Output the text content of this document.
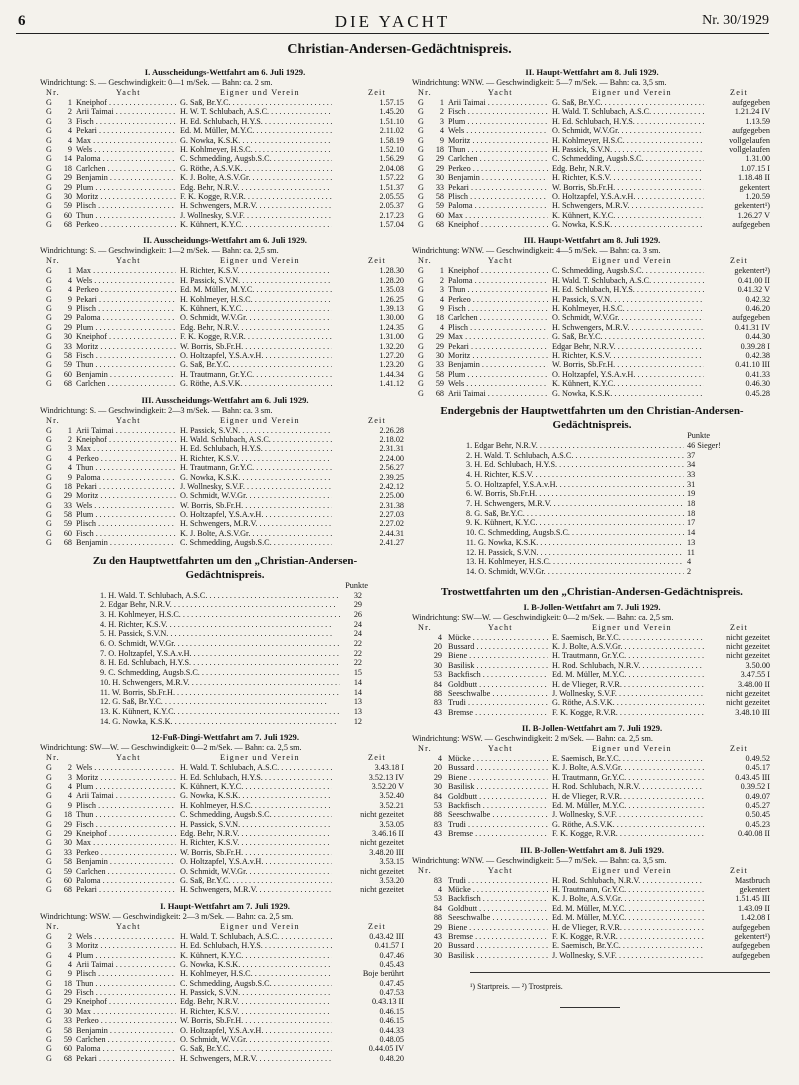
6	DIE YACHT	Nr. 30/1929
Christian-Andersen-Gedächtnispreis.
I. Ausscheidungs-Wettfahrt am 6. Juli 1929.
Windrichtung: S. — Geschwindigkeit: 0—1 m/Sek. — Bahn: ca. 2 sm.
Nr.	Yacht	Eigner und Verein	Zeit
G	1 Kneiphof . . .	G. Saß, Br.Y.C. . . .	1.57.15
G	2 Arii Taimai . . .	H. W. T. Schlubach, A.S.C. . . .	1.45.20
G	3 Fisch . . .	H. Ed. Schlubach, H.Y.S. . . .	1.51.10
G	4 Pekari . . .	Ed. M. Müller, M.Y.C. . . .	2.11.02
G	4 Max . . .	G. Nowka, K.S.K. . . .	1.58.19
G	9 Wels . . .	H. Kohlmeyer, H.S.C. . . .	1.52.10
G	14 Paloma . . .	C. Schmedding, Augsb.S.C. . . .	1.56.29
G	18 Carlchen . . .	G. Röthe, A.S.V.K. . . .	2.04.08
G	29 Benjamin . . .	K. J. Bolte, A.S.V.Gr. . . .	1.57.22
G	29 Plum . . .	Edg. Behr, N.R.V. . . .	1.51.37
G	30 Moritz . . .	F. K. Kogge, R.V.R. . . .	2.05.55
G	59 Plisch . . .	H. Schwengers, M.R.V. . . .	2.05.37
G	60 Thun . . .	J. Wollnesky, S.V.F. . . .	2.17.23
G	68 Perkeo . . .	K. Kühnert, K.Y.C. . . .	1.57.04
II. Ausscheidungs-Wettfahrt am 6. Juli 1929.
Windrichtung: S. — Geschwindigkeit: 1—2 m/Sek. — Bahn: ca. 2,5 sm.
Nr.	Yacht	Eigner und Verein	Zeit
G	1 Max . . .	H. Richter, K.S.V. . . .	1.28.30
G	4 Wels . . .	H. Passick, S.V.N. . . .	1.28.20
G	4 Perkeo . . .	Ed. M. Müller, M.Y.C. . . .	1.35.03
G	9 Pekari . . .	H. Kohlmeyer, H.S.C. . . .	1.26.25
G	9 Plisch . . .	K. Kühnert, K.Y.C. . . .	1.39.13
G	29 Paloma . . .	O. Schmidt, W.V.Gr. . . .	1.30.00
G	29 Plum . . .	Edg. Behr, N.R.V. . . .	1.24.35
G	30 Kneiphof . . .	F. K. Kogge, R.V.R. . . .	1.31.00
G	33 Moritz . . .	W. Borris, Sb.Fr.H. . . .	1.32.20
G	58 Fisch . . .	O. Holtzapfel, Y.S.A.v.H. . . .	1.27.20
G	59 Thun . . .	G. Saß, Br.Y.C. . . .	1.23.20
G	60 Benjamin . . .	H. Trautmann, Gr.Y.C. . . .	1.44.34
G	68 Carlchen . . .	G. Röthe, A.S.V.K. . . .	1.41.12
III. Ausscheidungs-Wettfahrt am 6. Juli 1929.
Windrichtung: S. — Geschwindigkeit: 2—3 m/Sek. — Bahn: ca. 3 sm.
Nr.	Yacht	Eigner und Verein	Zeit
G	1 Arii Taimai . . .	H. Passick, S.V.N. . . .	2.26.28
G	2 Kneiphof . . .	H. Wald. Schlubach, A.S.C. . . .	2.18.02
G	3 Max . . .	H. Ed. Schlubach, H.Y.S. . . .	2.31.31
G	4 Perkeo . . .	H. Richter, K.S.V. . . .	2.24.00
G	4 Thun . . .	H. Trautmann, Gr.Y.C. . . .	2.56.27
G	9 Paloma . . .	G. Nowka, K.S.K. . . .	2.39.25
G	18 Pekari . . .	J. Wollnesky, S.V.F. . . .	2.42.12
G	29 Moritz . . .	O. Schmidt, W.V.Gr. . . .	2.25.00
G	33 Wels . . .	W. Borris, Sb.Fr.H. . . .	2.31.38
G	58 Plum . . .	O. Holtzapfel, Y.S.A.v.H. . . .	2.27.03
G	59 Plisch . . .	H. Schwengers, M.R.V. . . .	2.27.02
G	60 Fisch . . .	K. J. Bolte, A.S.V.Gr. . . .	2.44.31
G	68 Benjamin . . .	C. Schmedding, Augsb.S.C. . . .	2.41.27
Zu den Hauptwettfahrten um den „Christian-Andersen-
Gedächtnispreis.
Punkte
1. H. Wald. T. Schlubach, A.S.C. . . .	32
2. Edgar Behr, N.R.V. . . .	29
3. H. Kohlmeyer, H.S.C. . . .	26
4. H. Richter, K.S.V. . . .	24
5. H. Passick, S.V.N. . . .	24
6. O. Schmidt, W.V.Gr. . . .	22
7. O. Holtzapfel, Y.S.A.v.H. . . .	22
8. H. Ed. Schlubach, H.Y.S. . . .	22
9. C. Schmedding, Augsb.S.C. . . .	15
10. H. Schwengers, M.R.V. . . .	14
11. W. Borris, Sb.Fr.H. . . .	14
12. G. Saß, Br.Y.C. . . .	13
13. K. Kühnert, K.Y.C. . . .	13
14. G. Nowka, K.S.K. . . .	12
12-Fuß-Dingi-Wettfahrt am 7. Juli 1929.
Windrichtung: SW—W. — Geschwindigkeit: 0—2 m/Sek. — Bahn: ca. 2,5 sm.
Nr.	Yacht	Eigner und Verein	Zeit
G	2 Wels . . .	H. Wald. T. Schlubach, A.S.C. . . .	3.43.18 I
G	3 Moritz . . .	H. Ed. Schlubach, H.Y.S. . . .	3.52.13 IV
G	4 Plum . . .	K. Kühnert, K.Y.C. . . .	3.52.20 V
G	4 Arii Taimai . . .	G. Nowka, K.S.K. . . .	3.52.40
G	9 Plisch . . .	H. Kohlmeyer, H.S.C. . . .	3.52.21
G	18 Thun . . .	C. Schmedding, Augsb.S.C. . . .	nicht gezeitet
G	29 Fisch . . .	H. Passick, S.V.N. . . .	3.53.05
G	29 Kneiphof . . .	Edg. Behr, N.R.V. . . .	3.46.16 II
G	30 Max . . .	H. Richter, K.S.V. . . .	nicht gezeitet
G	33 Perkeo . . .	W. Borris, Sb.Fr.H. . . .	3.48.20 III
G	58 Benjamin . . .	O. Holtzapfel, Y.S.A.v.H. . . .	3.53.15
G	59 Carlchen . . .	O. Schmidt, W.V.Gr. . . .	nicht gezeitet
G	60 Paloma . . .	G. Saß, Br.Y.C. . . .	3.53.20
G	68 Pekari . . .	H. Schwengers, M.R.V. . . .	nicht gezeitet
I. Haupt-Wettfahrt am 7. Juli 1929.
Windrichtung: WSW. — Geschwindigkeit: 2—3 m/Sek. — Bahn: ca. 2,5 sm.
Nr.	Yacht	Eigner und Verein	Zeit
G	2 Wels . . .	H. Wald. T. Schlubach, A.S.C. . . .	0.43.42 III
G	3 Moritz . . .	H. Ed. Schlubach, H.Y.S. . . .	0.41.57 I
G	4 Plum . . .	K. Kühnert, K.Y.C. . . .	0.47.46
G	4 Arii Taimai . . .	G. Nowka, K.S.K. . . .	0.45.43
G	9 Plisch . . .	H. Kohlmeyer, H.S.C. . . .	Boje berührt
G	18 Thun . . .	C. Schmedding, Augsb.S.C. . . .	0.47.45
G	29 Fisch . . .	H. Passick, S.V.N. . . .	0.47.53
G	29 Kneiphof . . .	Edg. Behr, N.R.V. . . .	0.43.13 II
G	30 Max . . .	H. Richter, K.S.V. . . .	0.46.15
G	33 Perkeo . . .	W. Borris, Sb.Fr.H. . . .	0.46.15
G	58 Benjamin . . .	O. Holtzapfel, Y.S.A.v.H. . . .	0.44.33
G	59 Carlchen . . .	O. Schmidt, W.V.Gr. . . .	0.48.05
G	60 Paloma . . .	G. Saß, Br.Y.C. . . .	0.44.05 IV
G	68 Pekari . . .	H. Schwengers, M.R.V. . . .	0.48.20
II. Haupt-Wettfahrt am 8. Juli 1929.
Windrichtung: WNW. — Geschwindigkeit: 5—7 m/Sek. — Bahn: ca. 3,5 sm.
Nr.	Yacht	Eigner und Verein	Zeit
G	1 Arii Taimai . . .	G. Saß, Br.Y.C. . . .	aufgegeben
G	2 Fisch . . .	H. Wald. T. Schlubach, A.S.C. . . .	1.21.24 IV
G	3 Plum . . .	H. Ed. Schlubach, H.Y.S. . . .	1.13.59
G	4 Wels . . .	O. Schmidt, W.V.Gr. . . .	aufgegeben
G	9 Moritz . . .	H. Kohlmeyer, H.S.C. . . .	vollgelaufen
G	18 Thun . . .	H. Passick, S.V.N. . . .	vollgelaufen
G	29 Carlchen . . .	C. Schmedding, Augsb.S.C. . . .	1.31.00
G	29 Perkeo . . .	Edg. Behr, N.R.V. . . .	1.07.15 I
G	30 Benjamin . . .	H. Richter, K.S.V. . . .	1.18.48 II
G	33 Pekari . . .	W. Borris, Sb.Fr.H. . . .	gekentert
G	58 Plisch . . .	O. Holtzapfel, Y.S.A.v.H. . . .	1.20.59
G	59 Paloma . . .	H. Schwengers, M.R.V. . . .	gekentert¹)
G	60 Max . . .	K. Kühnert, K.Y.C. . . .	1.26.27 V
G	68 Kneiphof . . .	G. Nowka, K.S.K. . . .	aufgegeben
III. Haupt-Wettfahrt am 8. Juli 1929.
Windrichtung: WNW. — Geschwindigkeit: 4—5 m/Sek. — Bahn: ca. 3 sm.
Nr.	Yacht	Eigner und Verein	Zeit
G	1 Kneiphof . . .	C. Schmedding, Augsb.S.C. . . .	gekentert²)
G	2 Paloma . . .	H. Wald. T. Schlubach, A.S.C. . . .	0.41.00 II
G	3 Thun . . .	H. Ed. Schlubach, H.Y.S. . . .	0.41.32 V
G	4 Perkeo . . .	H. Passick, S.V.N. . . .	0.42.32
G	9 Fisch . . .	H. Kohlmeyer, H.S.C. . . .	0.46.20
G	18 Carlchen . . .	O. Schmidt, W.V.Gr. . . .	aufgegeben
G	4 Plisch . . .	H. Schwengers, M.R.V. . . .	0.41.31 IV
G	29 Max . . .	G. Saß, Br.Y.C. . . .	0.44.30
G	29 Pekari . . .	Edgar Behr, N.R.V. . . .	0.39.28 I
G	30 Moritz . . .	H. Richter, K.S.V. . . .	0.42.38
G	33 Benjamin . . .	W. Borris, Sb.Fr.H. . . .	0.41.10 III
G	58 Plum . . .	O. Holtzapfel, Y.S.A.v.H. . . .	0.41.33
G	59 Wels . . .	K. Kühnert, K.Y.C. . . .	0.46.30
G	68 Arii Taimai . . .	G. Nowka, K.S.K. . . .	0.45.28
Endergebnis der Hauptwettfahrten um den Christian-Andersen-
Gedächtnispreis.
Punkte
1. Edgar Behr, N.R.V. . . .	46 Sieger!
2. H. Wald. T. Schlubach, A.S.C. . . .	37
3. H. Ed. Schlubach, H.Y.S. . . .	34
4. H. Richter, K.S.V. . . .	33
5. O. Holtzapfel, Y.S.A.v.H. . . .	31
6. W. Borris, Sb.Fr.H. . . .	19
7. H. Schwengers, M.R.V. . . .	18
8. G. Saß, Br.Y.C. . . .	18
9. K. Kühnert, K.Y.C. . . .	17
10. C. Schmedding, Augsb.S.C. . . .	14
11. G. Nowka, K.S.K. . . .	13
12. H. Passick, S.V.N. . . .	11
13. H. Kohlmeyer, H.S.C. . . .	4
14. O. Schmidt, W.V.Gr. . . .	2
Trostwettfahrten um den „Christian-Andersen-Gedächtnispreis.
I. B-Jollen-Wettfahrt am 7. Juli 1929.
Windrichtung: SW—W. — Geschwindigkeit: 0—2 m/Sek. — Bahn: ca. 2,5 sm.
Nr.	Yacht	Eigner und Verein	Zeit
4 Mücke . . .	E. Saemisch, Br.Y.C. . . .	nicht gezeitet
20 Bussard . . .	K. J. Bolte, A.S.V.Gr. . . .	nicht gezeitet
29 Biene . . .	H. Trautmann, Gr.Y.C. . . .	nicht gezeitet
30 Basilisk . . .	H. Rod. Schlubach, N.R.V. . . .	3.50.00
53 Backfisch . . .	Ed. M. Müller, M.Y.C. . . .	3.47.55 I
84 Goldbutt . . .	H. de Vlieger, R.V.R. . . .	3.48.00 II
88 Seeschwalbe . . .	J. Wollnesky, S.V.F. . . .	nicht gezeitet
83 Trudi . . .	G. Röthe, A.S.V.K. . . .	nicht gezeitet
43 Bremse . . .	F. K. Kogge, R.V.R. . . .	3.48.10 III
II. B-Jollen-Wettfahrt am 7. Juli 1929.
Windrichtung: WSW. — Geschwindigkeit: 2 m/Sek. — Bahn: ca. 2,5 sm.
Nr.	Yacht	Eigner und Verein	Zeit
4 Mücke . . .	E. Saemisch, Br.Y.C. . . .	0.49.52
20 Bussard . . .	K. J. Bolte, A.S.V.Gr. . . .	0.45.17
29 Biene . . .	H. Trautmann, Gr.Y.C. . . .	0.43.45 III
30 Basilisk . . .	H. Rod. Schlubach, N.R.V. . . .	0.39.52 I
84 Goldbutt . . .	H. de Vlieger, R.V.R. . . .	0.49.07
53 Backfisch . . .	Ed. M. Müller, M.Y.C. . . .	0.45.27
88 Seeschwalbe . . .	J. Wollnesky, S.V.F. . . .	0.50.45
83 Trudi . . .	G. Röthe, A.S.V.K. . . .	0.45.23
43 Bremse . . .	F. K. Kogge, R.V.R. . . .	0.40.08 II
III. B-Jollen-Wettfahrt am 8. Juli 1929.
Windrichtung: WNW. — Geschwindigkeit: 5—7 m/Sek. — Bahn: ca. 3,5 sm.
Nr.	Yacht	Eigner und Verein	Zeit
83 Trudi . . .	H. Rod. Schlubach, N.R.V. . . .	Mastbruch
4 Mücke . . .	H. Trautmann, Gr.Y.C. . . .	gekentert
53 Backfisch . . .	K. J. Bolte, A.S.V.Gr. . . .	1.51.45 III
84 Goldbutt . . .	Ed. M. Müller, M.Y.C. . . .	1.43.09 II
88 Seeschwalbe . . .	Ed. M. Müller, M.Y.C. . . .	1.42.08 I
29 Biene . . .	H. de Vlieger, R.V.R. . . .	aufgegeben
43 Bremse . . .	F. K. Kogge, R.V.R. . . .	gekentert¹)
20 Bussard . . .	E. Saemisch, Br.Y.C. . . .	aufgegeben
30 Basilisk . . .	J. Wollnesky, S.V.F. . . .	aufgegeben
¹) Startpreis. — ²) Trostpreis.
